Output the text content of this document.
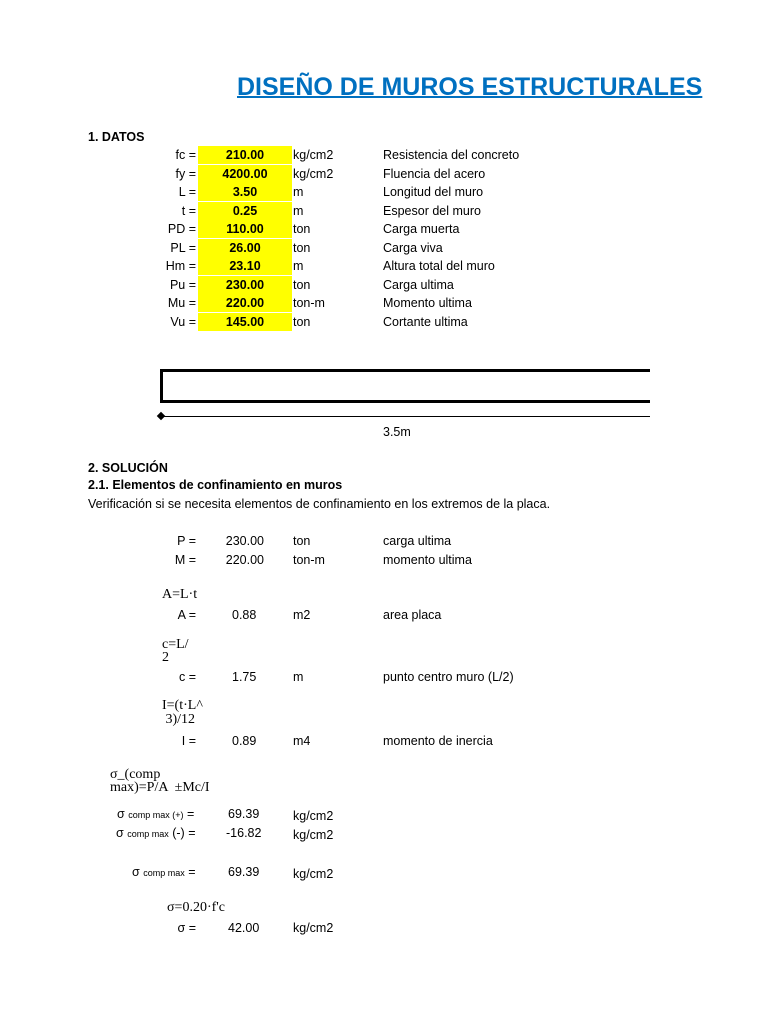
DISEÑO DE MUROS ESTRUCTURALES
1. DATOS
fc =	210.00	kg/cm2	Resistencia del concreto
fy =	4200.00	kg/cm2	Fluencia del acero
L =	3.50	m	Longitud del muro
t =	0.25	m	Espesor del muro
PD =	110.00	ton	Carga muerta
PL =	26.00	ton	Carga viva
Hm =	23.10	m	Altura total del muro
Pu =	230.00	ton	Carga ultima
Mu =	220.00	ton-m	Momento ultima
Vu =	145.00	ton	Cortante ultima
3.5m
2. SOLUCIÓN
2.1. Elementos de confinamiento en muros
Verificación si se necesita elementos de confinamiento en los extremos de la placa.
P =	230.00 ton	carga ultima
M =	220.00 ton-m	momento ultima
A=L·t
A =	0.88	m2	area placa
c=L/
2
c =	1.75	m	punto centro muro (L/2)
I=(t·L^
3)/12
I =	0.89	m4	momento de inercia
σ_(comp
max)=P/A  ±Mc/I
σ comp max (+) =	69.39	kg/cm2
σ comp max (-) = -16.82	kg/cm2
σ comp max =	69.39	kg/cm2
σ=0.20·f'c
σ =	42.00	kg/cm2
